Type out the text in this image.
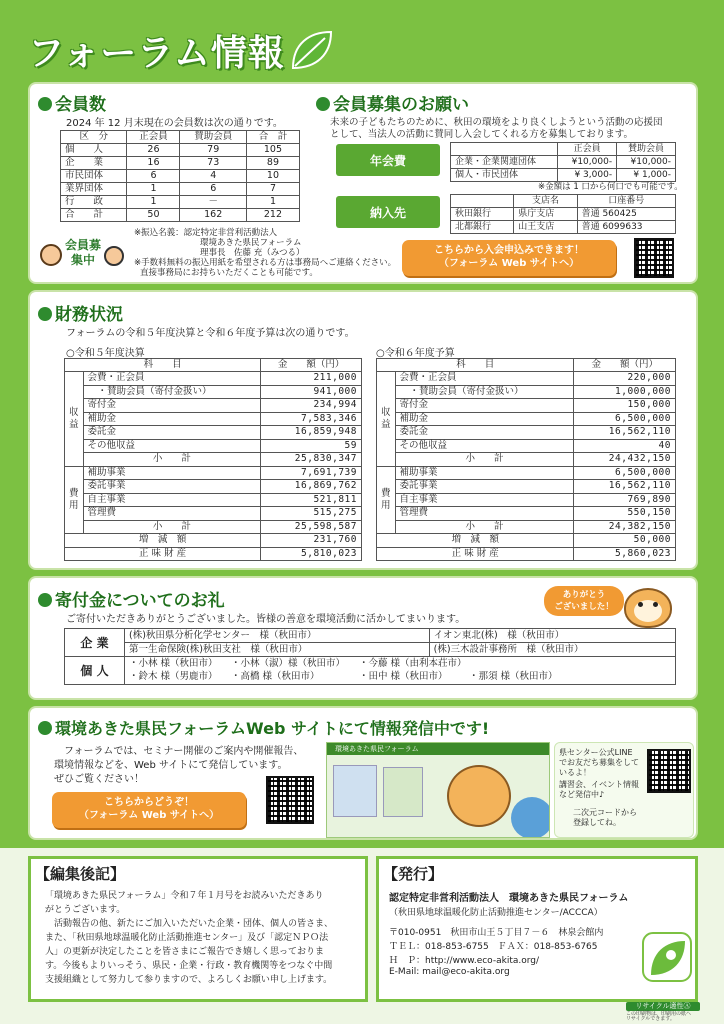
フォーラム情報
会員数
2024 年 12 月末現在の会員数は次の通りです。
区　分	正会員	賛助会員	合　計
個　　人	26	79	105
企　　業	16	73	89
市民団体	6	4	10
業界団体	1	6	7
行　　政	1	－	1
合　　計	50	162	212
※振込名義：認定特定非営利活動法人
環境あきた県民フォーラム
理事長　佐藤 充（みつる）
※手数料無料の振込用紙を希望される方は事務局へご連絡ください。
直接事務局にお持ちいただくことも可能です。
会員募集中
会員募集のお願い
未来の子どもたちのために、秋田の環境をより良くしようという活動の応援団
として、当法人の活動に賛同し入会してくれる方を募集しております。
年会費
	正会員	賛助会員
企業・企業関連団体	¥10,000-	¥10,000-
個人・市民団体	¥ 3,000-	¥ 1,000-
※金額は 1 口から何口でも可能です。
納入先
	支店名	口座番号
秋田銀行	県庁支店	普通 560425
北都銀行	山王支店	普通 6099633
こちらから入会申込みできます！
（フォーラム Web サイトへ）
財務状況
フォーラムの令和５年度決算と令和６年度予算は次の通りです。
○令和５年度決算
科　　目		金　　額（円）
収益	会費・正会員	211,000
	・賛助会員（寄付金扱い）	941,000
	寄付金	234,994
	補助金	7,583,346
	委託金	16,859,948
	その他収益	59
	小　　計	25,830,347
費用	補助事業	7,691,739
	委託事業	16,869,762
	自主事業	521,811
	管理費	515,275
	小　　計	25,598,587
増　減　額		231,760
正 味 財 産		5,810,023
○令和６年度予算
科　　目		金　　額（円）
収益	会費・正会員	220,000
	・賛助会員（寄付金扱い）	1,000,000
	寄付金	150,000
	補助金	6,500,000
	委託金	16,562,110
	その他収益	40
	小　　計	24,432,150
費用	補助事業	6,500,000
	委託事業	16,562,110
	自主事業	769,890
	管理費	550,150
	小　　計	24,382,150
増　減　額		50,000
正 味 財 産		5,860,023
寄付金についてのお礼
ご寄付いただきありがとうございました。皆様の善意を環境活動に活かしてまいります。
ありがとう
ございました！
企 業	(株)秋田県分析化学センター　様（秋田市）	イオン東北(株)　様（秋田市）
	第一生命保険(株)秋田支社　様（秋田市）	(株)三木設計事務所　様（秋田市）
個 人	・小林 様（秋田市） ・小林（淑）様（秋田市） ・今藤 様（由利本荘市）	
	・鈴木 様（男鹿市） ・高橋 様（秋田市） ・田中 様（秋田市） ・那須 様（秋田市）	
環境あきた県民フォーラムWeb サイトにて情報発信中です!
フォーラムでは、セミナー開催のご案内や開催報告、
環境情報などを、Web サイトにて発信しています。
ぜひご覧ください！
こちらからどうぞ！
（フォーラム Web サイトへ）
環境あきた県民フォーラム	県センター公式LINE
でお友だち募集をして
いるよ！
講習会、イベント情報
など発信中♪
二次元コードから
登録してね。
【編集後記】
「環境あきた県民フォーラム」令和７年１月号をお読みいただきあり
がとうございます。
　活動報告の他、新たにご加入いただいた企業・団体、個人の皆さま、
また、「秋田県地球温暖化防止活動推進センター」及び「認定ＮＰＯ法
人」の更新が決定したことを皆さまにご報告でき嬉しく思っておりま
す。今後もよりいっそう、県民・企業・行政・教育機関等をつなぐ中間
支援組織として努力して参りますので、よろしくお願い申し上げます。
【発行】
認定特定非営利活動法人　環境あきた県民フォーラム
（秋田県地球温暖化防止活動推進センター/ACCCA）
〒010-0951　秋田市山王５丁目７－６　林泉会館内
ＴＥＬ：018-853-6755　ＦＡＸ：018-853-6765
Ｈ　Ｐ：http://www.eco-akita.org/
E-Mail: mail@eco-akita.org
リサイクル適性Ⓐ
この印刷物は、印刷用の紙へ
リサイクルできます。
